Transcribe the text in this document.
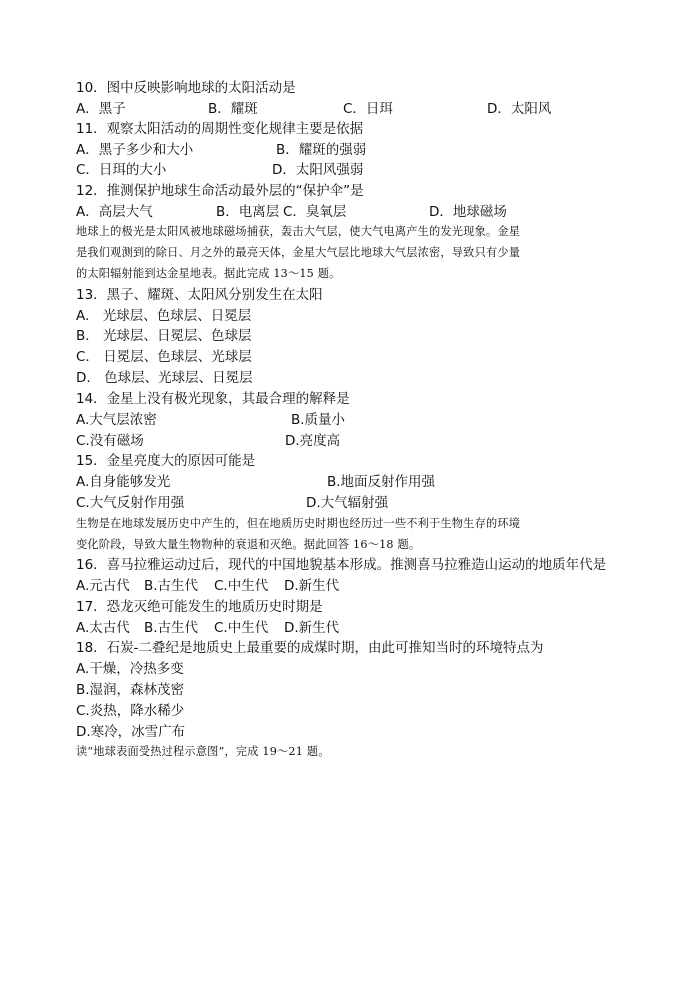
10．图中反映影响地球的太阳活动是
A．黑子	B．耀斑	C．日珥	D．太阳风
11．观察太阳活动的周期性变化规律主要是依据
A．黑子多少和大小	B．耀斑的强弱
C．日珥的大小	D．太阳风强弱
12．推测保护地球生命活动最外层的“保护伞”是
A．高层大气	B．电离层 C．臭氧层	D．地球磁场
地球上的极光是太阳风被地球磁场捕获，轰击大气层，使大气电离产生的发光现象。金星
是我们观测到的除日、月之外的最亮天体，金星大气层比地球大气层浓密，导致只有少量
的太阳辐射能到达金星地表。据此完成 13～15 题。
13．黑子、耀斑、太阳风分别发生在太阳
A.　光球层、色球层、日冕层
B.　光球层、日冕层、色球层
C.　日冕层、色球层、光球层
D.　色球层、光球层、日冕层
14．金星上没有极光现象，其最合理的解释是
A.大气层浓密	B.质量小
C.没有磁场	D.亮度高
15．金星亮度大的原因可能是
A.自身能够发光	B.地面反射作用强
C.大气反射作用强	D.大气辐射强
生物是在地球发展历史中产生的，但在地质历史时期也经历过一些不利于生物生存的环境
变化阶段，导致大量生物物种的衰退和灭绝。据此回答 16～18 题。
16．喜马拉雅运动过后，现代的中国地貌基本形成。推测喜马拉雅造山运动的地质年代是
A.元古代 B.古生代 C.中生代 D.新生代
17．恐龙灭绝可能发生的地质历史时期是
A.太古代 B.古生代 C.中生代 D.新生代
18．石炭-二叠纪是地质史上最重要的成煤时期，由此可推知当时的环境特点为
A.干燥，冷热多变
B.湿润，森林茂密
C.炎热，降水稀少
D.寒冷，冰雪广布
读“地球表面受热过程示意图”，完成 19～21 题。
